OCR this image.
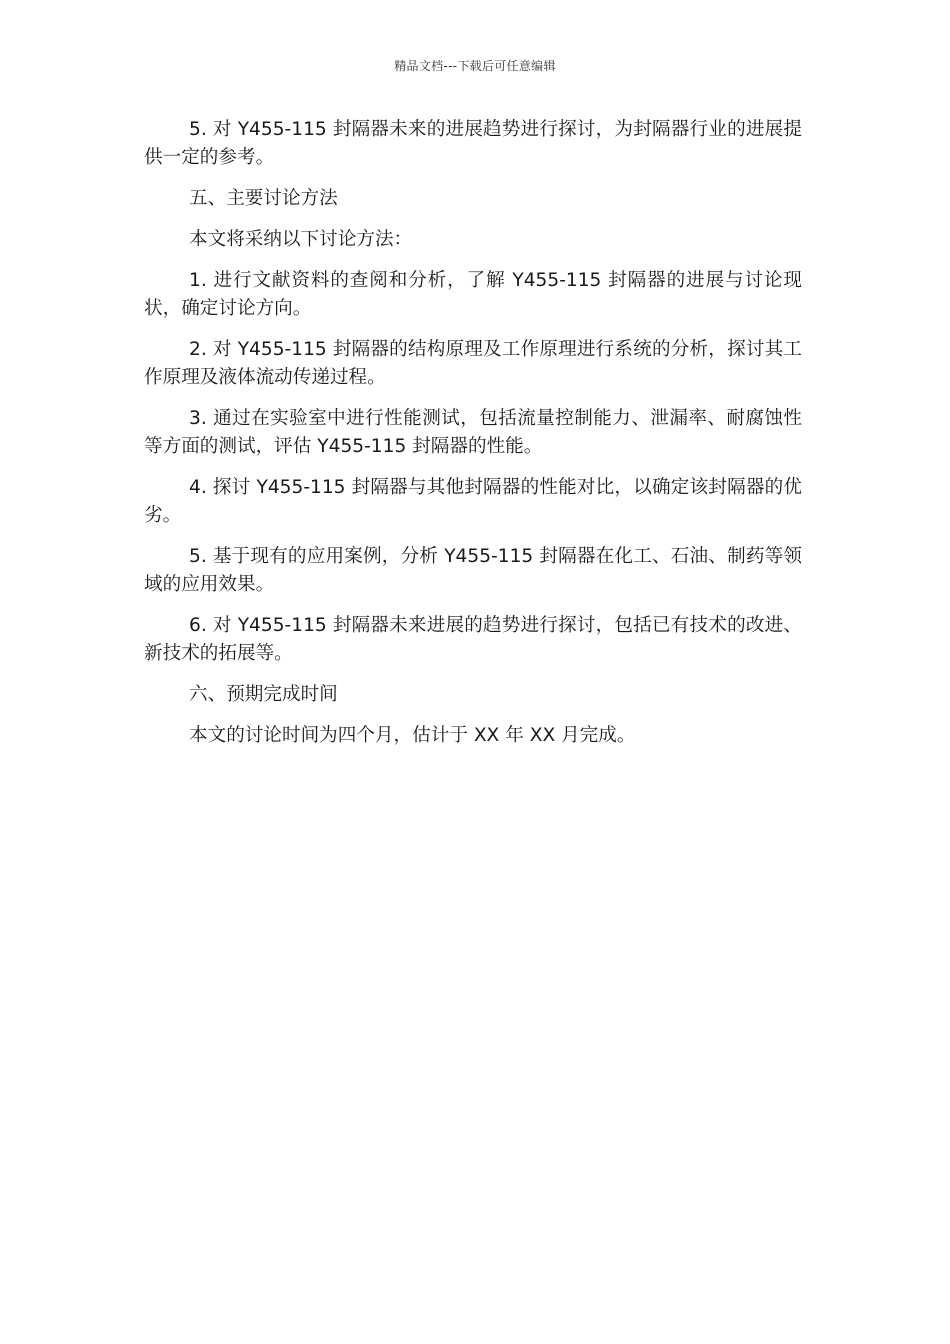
精品文档---下载后可任意编辑

5. 对 Y455-115 封隔器未来的进展趋势进行探讨，为封隔器行业的进展提供一定的参考。

五、主要讨论方法

本文将采纳以下讨论方法：

1. 进行文献资料的查阅和分析，了解 Y455-115 封隔器的进展与讨论现状，确定讨论方向。

2. 对 Y455-115 封隔器的结构原理及工作原理进行系统的分析，探讨其工作原理及液体流动传递过程。

3. 通过在实验室中进行性能测试，包括流量控制能力、泄漏率、耐腐蚀性等方面的测试，评估 Y455-115 封隔器的性能。

4. 探讨 Y455-115 封隔器与其他封隔器的性能对比，以确定该封隔器的优劣。

5. 基于现有的应用案例，分析 Y455-115 封隔器在化工、石油、制药等领域的应用效果。

6. 对 Y455-115 封隔器未来进展的趋势进行探讨，包括已有技术的改进、新技术的拓展等。

六、预期完成时间

本文的讨论时间为四个月，估计于 XX 年 XX 月完成。
